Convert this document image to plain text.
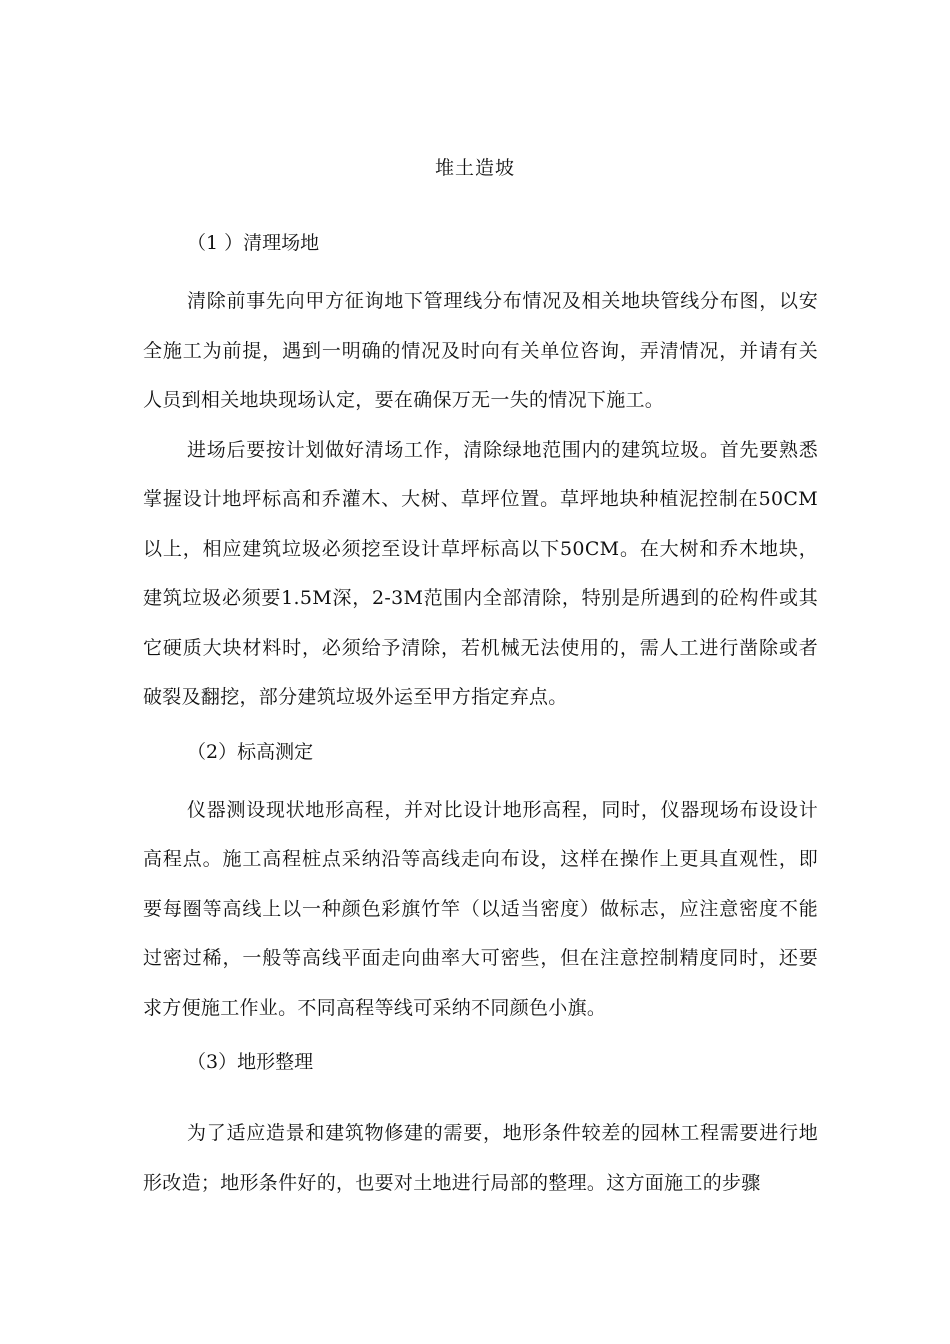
堆土造坡

（1 ）清理场地

清除前事先向甲方征询地下管理线分布情况及相关地块管线分布图，以安全施工为前提，遇到一明确的情况及时向有关单位咨询，弄清情况，并请有关人员到相关地块现场认定，要在确保万无一失的情况下施工。

进场后要按计划做好清场工作，清除绿地范围内的建筑垃圾。首先要熟悉掌握设计地坪标高和乔灌木、大树、草坪位置。草坪地块种植泥控制在50CM以上，相应建筑垃圾必须挖至设计草坪标高以下50CM。在大树和乔木地块，建筑垃圾必须要1.5M深，2-3M范围内全部清除，特别是所遇到的砼构件或其它硬质大块材料时，必须给予清除，若机械无法使用的，需人工进行凿除或者破裂及翻挖，部分建筑垃圾外运至甲方指定弃点。

（2）标高测定

仪器测设现状地形高程，并对比设计地形高程，同时，仪器现场布设设计高程点。施工高程桩点采纳沿等高线走向布设，这样在操作上更具直观性，即要每圈等高线上以一种颜色彩旗竹竿（以适当密度）做标志，应注意密度不能过密过稀，一般等高线平面走向曲率大可密些，但在注意控制精度同时，还要求方便施工作业。不同高程等线可采纳不同颜色小旗。

（3）地形整理

为了适应造景和建筑物修建的需要，地形条件较差的园林工程需要进行地形改造；地形条件好的，也要对土地进行局部的整理。这方面施工的步骤
